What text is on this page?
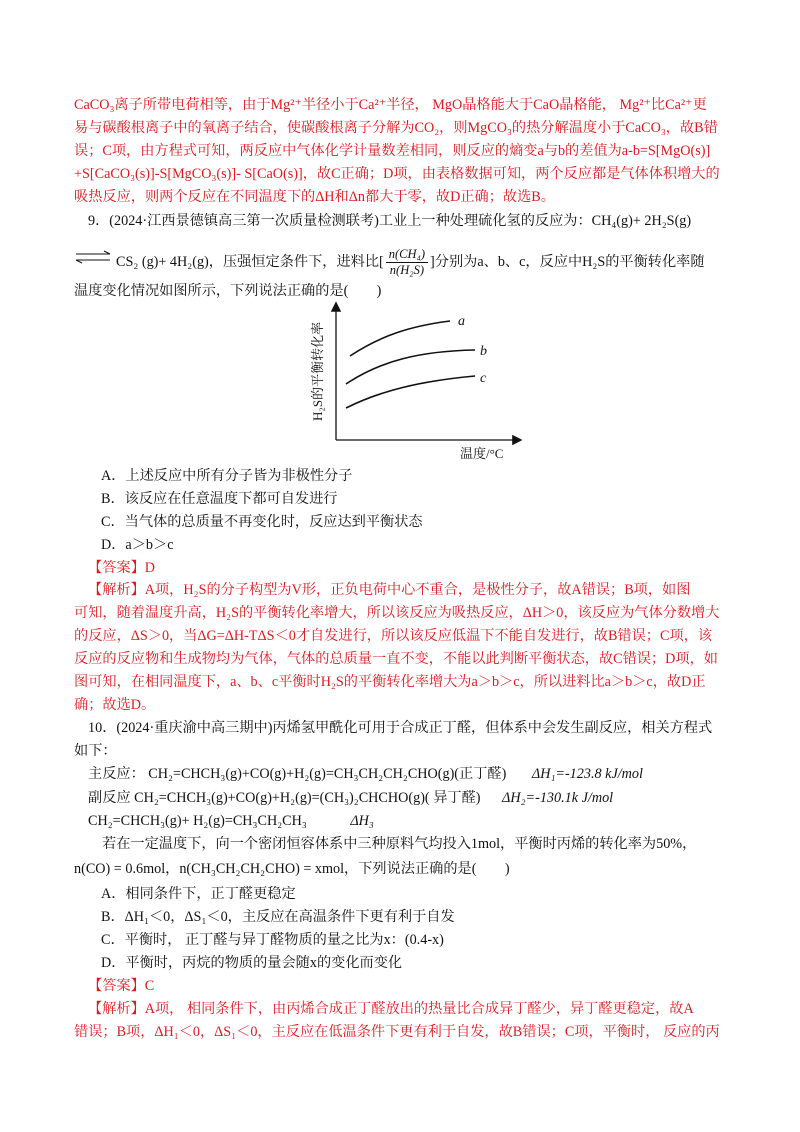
CaCO₃离子所带电荷相等，由于Mg²⁺半径小于Ca²⁺半径， MgO晶格能大于CaO晶格能， Mg²⁺比Ca²⁺更
易与碳酸根离子中的氧离子结合，使碳酸根离子分解为CO₂，则MgCO₃的热分解温度小于CaCO₃，故B错
误；C项，由方程式可知，两反应中气体化学计量数差相同，则反应的熵变a与b的差值为a-b=S[MgO(s)]
+S[CaCO₃(s)]-S[MgCO₃(s)]- S[CaO(s)]，故C正确；D项，由表格数据可知，两个反应都是气体体积增大的
吸热反应，则两个反应在不同温度下的ΔH和Δn都大于零，故D正确；故选B。
9．(2024·江西景德镇高三第一次质量检测联考)工业上一种处理硫化氢的反应为：CH₄(g)+ 2H₂S(g)
⇌ CS₂ (g)+ 4H₂(g)，压强恒定条件下，进料比[ $\frac{\text{n(CH₄)}}{\text{n(H₂S)}}$ ]分别为a、b、c，反应中H₂S的平衡转化率随
温度变化情况如图所示，下列说法正确的是(　　)
a
b
c
H₂S的平衡转化率
温度/°C
A．上述反应中所有分子皆为非极性分子
B．该反应在任意温度下都可自发进行
C．当气体的总质量不再变化时，反应达到平衡状态
D．a＞b＞c
【答案】D
【解析】A项，H₂S的分子构型为V形，正负电荷中心不重合，是极性分子，故A错误；B项，如图
可知，随着温度升高，H₂S的平衡转化率增大，所以该反应为吸热反应，ΔH＞0，该反应为气体分数增大
的反应，ΔS＞0，当ΔG=ΔH-TΔS＜0才自发进行，所以该反应低温下不能自发进行，故B错误；C项，该
反应的反应物和生成物均为气体，气体的总质量一直不变，不能以此判断平衡状态，故C错误；D项，如
图可知，在相同温度下，a、b、c平衡时H₂S的平衡转化率增大为a＞b＞c，所以进料比a＞b＞c，故D正
确；故选D。
10．(2024·重庆渝中高三期中)丙烯氢甲酰化可用于合成正丁醛，但体系中会发生副反应，相关方程式
如下：
主反应： CH₂=CHCH₃(g)+CO(g)+H₂(g)=CH₃CH₂CH₂CHO(g)(正丁醛) ΔH₁=-123.8 kJ/mol
副反应 CH₂=CHCH₃(g)+CO(g)+H₂(g)=(CH₃)₂CHCHO(g)( 异丁醛) ΔH₂=-130.1k J/mol
CH₂=CHCH₃(g)+ H₂(g)=CH₃CH₂CH₃	ΔH₃
若在一定温度下，向一个密闭恒容体系中三种原料气均投入1mol，平衡时丙烯的转化率为50%，
n(CO) = 0.6mol，n(CH₃CH₂CH₂CHO) = xmol，下列说法正确的是(　　)
A．相同条件下，正丁醛更稳定
B．ΔH₁＜0，ΔS₁＜0，主反应在高温条件下更有利于自发
C．平衡时， 正丁醛与异丁醛物质的量之比为x：(0.4-x)
D．平衡时，丙烷的物质的量会随x的变化而变化
【答案】C
【解析】A项， 相同条件下，由丙烯合成正丁醛放出的热量比合成异丁醛少，异丁醛更稳定，故A
错误；B项，ΔH₁＜0，ΔS₁＜0，主反应在低温条件下更有利于自发，故B错误；C项，平衡时， 反应的丙
